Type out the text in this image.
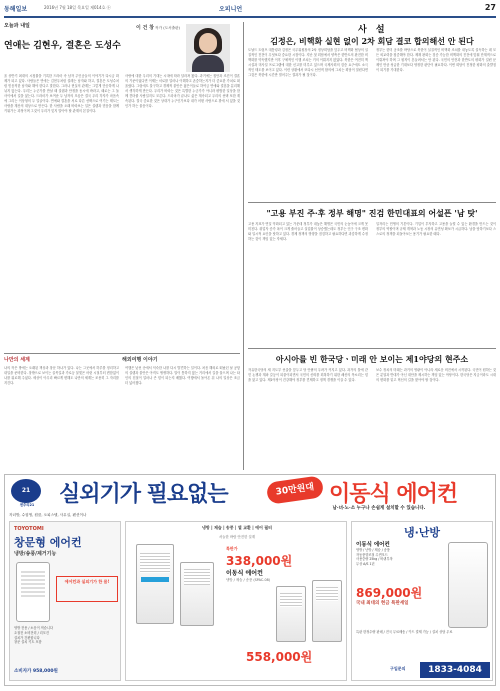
동해일보	2016년 7월 18일 목요일 제014호 ㊉	오피니언	27
오늘과 내일	이 건 창 작가 (도서출판)
연애는 김현우, 결혼은 도성수
올 상반기 최대의 시청률을 기록한 드라마 속 남자 주인공들의 이야기가 다시금 화제가 되고 있다. 사람들은 연애는 김현우처럼 설레는 남자와 하고, 결혼은 도성수처럼 믿음직한 남자와 해야 한다고 말한다. 그러나 현실의 관계는 그렇게 단순하게 나뉘지 않는다. 우리는 누군가를 만날 때 설렘과 안정을 동시에 바라고, 때로는 그 둘 사이에서 길을 잃는다. 드라마가 보여준 두 남자의 모습은 결국 우리 각자가 마음속에 그리는 이상형의 두 얼굴이다. 연애와 결혼을 서로 다른 선택으로 여기는 태도는 사랑을 계산의 대상으로 만든다. 한 사람을 오래 바라보는 일은 설렘과 믿음을 함께 키워가는 과정이며 그것이 우리가 잊지 말아야 할 관계의 본질이다.
사랑에 대한 우리의 기대는 시대에 따라 달라져 왔다. 과거에는 집안과 조건이 결혼의 기준이었다면 이제는 서로를 얼마나 이해하고 존중하는지가 더 중요한 가치로 떠올랐다. 그럼에도 불구하고 경제적 불안은 젊은이들로 하여금 연애와 결혼을 분리해서 생각하게 만든다. 우리가 바라는 것은 특별한 누군가가 아니라 평범한 일상을 함께 견뎌줄 사람일지도 모른다. 드라마가 끝나도 삶은 계속되고 우리의 선택 또한 계속된다. 결국 중요한 것은 상대가 누구인가보다 내가 어떤 사람으로 곁에 서 있을 것인가 하는 물음이다.
나만의 세계	해외여행 이야기
나의 작은 방에는 오래된 책상과 창문 하나가 있다. 나는 그곳에서 하루를 정리하고 내일을 준비한다. 창밖으로 보이는 골목길과 가로등 불빛은 어린 시절부터 변함없이 나를 위로해 주었다. 세상이 아무리 빠르게 변해도 나만의 세계는 조용히 그 자리를 지킨다.
여행은 낯선 곳에서 익숙한 나를 다시 발견하는 일이다. 처음 해외로 떠났던 날 공항의 설렘과 불안은 아직도 생생하다. 말이 통하지 않는 거리에서 길을 물으며 나는 타인의 친절이 얼마나 큰 힘이 되는지 배웠다. 여행에서 돌아온 뒤 나의 일상은 조금 더 넓어졌다.
사 설
김정은, 비핵화 실현 없이 2차 회담 결코 합의해선 안 된다
도날드 트럼프 대통령과 김정은 국무위원장의 2차 정상회담을 앞두고 비핵화 협상의 실질적인 진전이 무엇보다 중요한 시점이다. 지난 첫 회담에서 양측은 한반도의 완전한 비핵화를 약속했지만 이후 구체적인 이행 조치는 거의 이뤄지지 않았다. 북한은 여전히 핵 시설과 미사일 프로그램에 대한 신고를 미루고 있으며 국제사회의 검증 요구에도 소극적인 태도를 보이고 있다. 이런 상황에서 또다시 선언적 합의에 그치는 회담이 열린다면 그것은 북한에 시간만 벌어주는 결과가 될 것이다.
정부는 한미 공조를 바탕으로 북한이 실질적인 비핵화 조치를 내놓도록 설득하는 데 모든 외교력을 집중해야 한다. 제재 완화는 검증 가능한 비핵화의 진전에 맞춰 단계적으로 이뤄져야 하며 그 원칙이 흔들려서는 안 된다. 국민의 안전과 한반도의 평화가 걸린 문제인 만큼 성급한 기대보다 냉정한 판단이 필요하다. 이번 회담이 진정한 평화의 출발점이 되기를 기대한다.
"고용 부진 주·후 정부 해명" 진검 한민대표의 어설픈 '남 탓'
고용 지표가 연일 악화되고 있는 가운데 정부가 내놓은 해명은 국민의 눈높이에 크게 못 미친다. 취업자 증가 폭이 크게 줄어들고 실업률이 상승했는데도 정부는 인구 구조 변화와 일시적 요인을 탓하고 있다. 경제 정책의 방향을 점검하고 필요하다면 과감하게 수정하는 것이 책임 있는 자세다.
일자리는 민생의 기본이다. 기업이 투자하고 고용을 늘릴 수 있는 환경을 만드는 것이 정부의 역할이며 규제 개혁과 노동 시장의 유연성 확보가 시급하다. 남을 탓하기보다 스스로의 정책을 되돌아보는 용기가 필요한 때다.
아시아를 빈 한국당ㆍ미래 안 보이는 제1야당의 현주소
자유한국당의 새 지도부 선출을 앞두고 당 안팎의 우려가 커지고 있다. 과거의 틀에 갇힌 논쟁과 계파 갈등이 되풀이되면서 국민의 신뢰를 회복하기 위한 쇄신의 목소리는 힘을 잃고 있다. 제1야당이 건강해야 정부를 견제하고 정책 경쟁을 이끌 수 있다.
보수 정치의 미래는 과거의 영광이 아니라 새로운 비전에서 시작된다. 국민이 원하는 것은 분열과 반대가 아닌 대안을 제시하는 책임 있는 야당이다. 한국당은 지금이라도 시대의 변화를 읽고 혁신의 길을 찾아야 할 것이다.
21
센추리21	실외기가 필요없는	30만원대 이동식 에어컨
남·녀·노·소 누구나 손쉽게 설치할 수 있습니다.
자녀방, 수험생, 원룸, 오피스텔, 사무실, 펜션이나
TOYOTOMI
창문형 에어컨
냉방/송풍/제거기능
에어컨과 실외기가 한 몸!
냉방 전용 / 소음이 적습니다
초절전 소비전력 / 리모컨
설치가 간편합니다
창문 설치 키트 포함
소비자가 958,000원
냉방 | 제습 | 송풍 | 열 교환 | 에어 필터
서늘한 바람 안전한 설계
특판가
338,000원
이동식 에어컨
냉방 / 제습 / 송풍 (SPAC-08)
558,000원
냉·난방
이동식 에어컨
냉방 / 난방 / 제습 / 송풍
자동풍향조절 수면모드
사용중량 25kg / 바퀴부착
무상 A/S 1년
869,000원
국내 최대의 현금 특판세일
특판 한정수량 판매 / 전국 무료배송 / 카드 결제 가능 / 설치 상담 무료
구입문의	1833-4084
